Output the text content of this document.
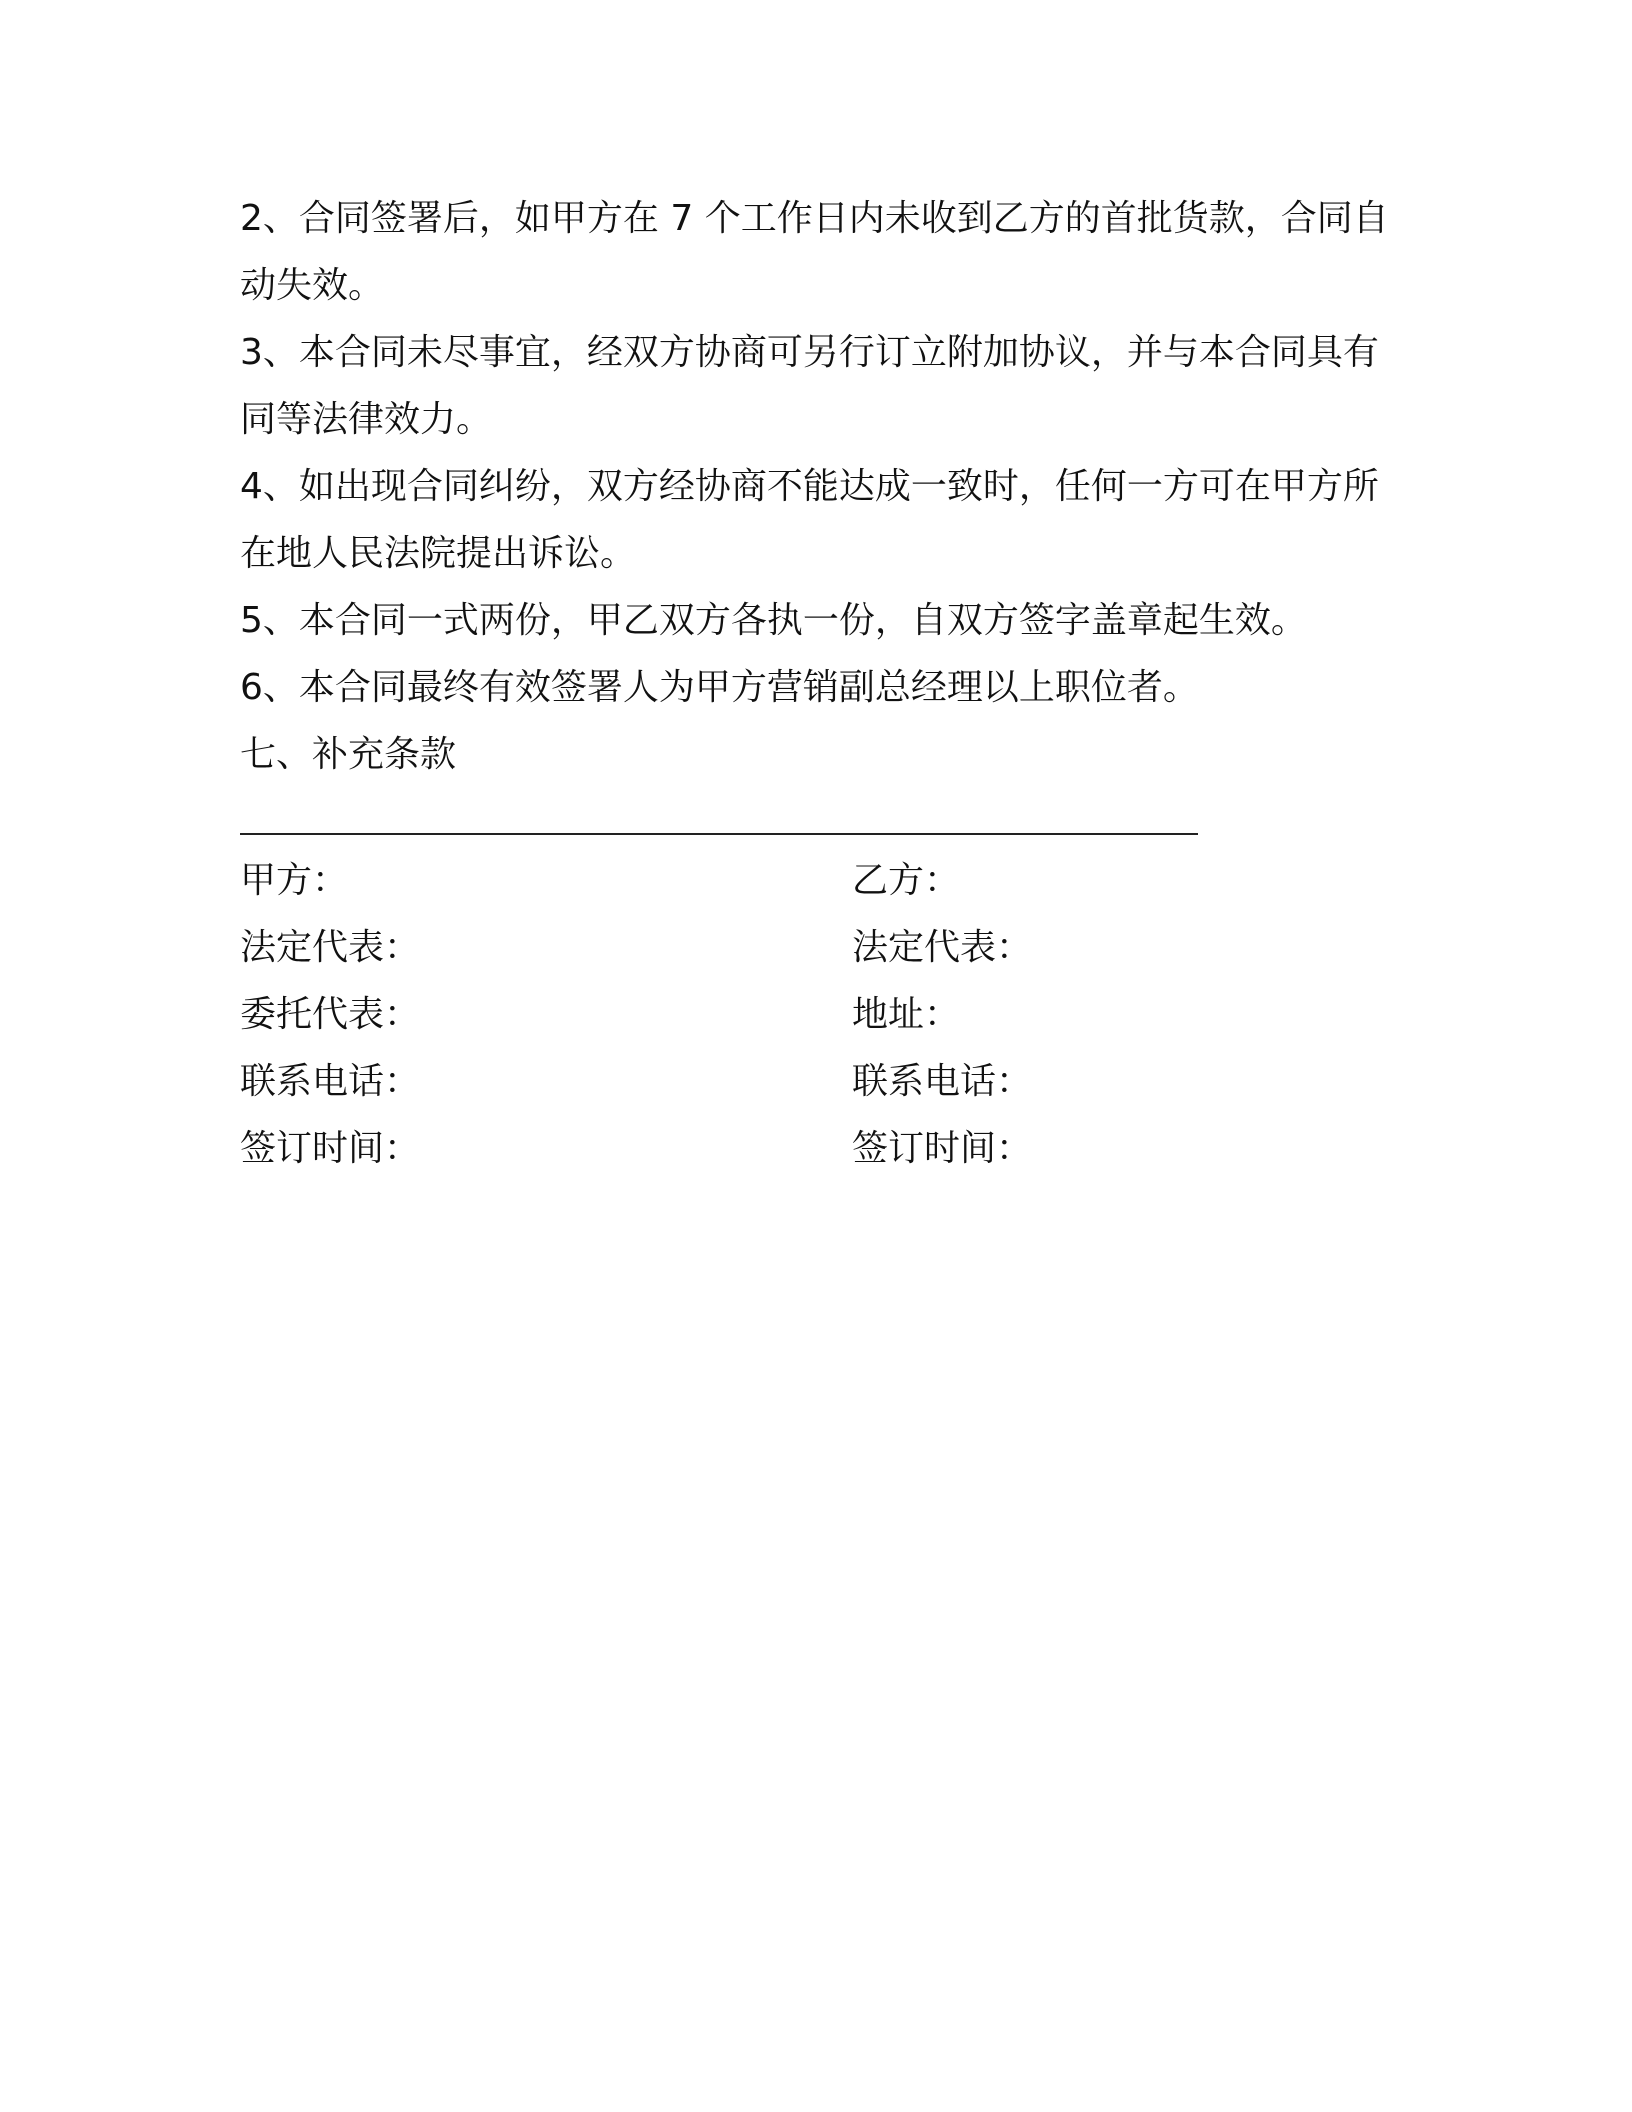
2、合同签署后，如甲方在 7 个工作日内未收到乙方的首批货款，合同自动失效。

3、本合同未尽事宜，经双方协商可另行订立附加协议，并与本合同具有同等法律效力。

4、如出现合同纠纷，双方经协商不能达成一致时，任何一方可在甲方所在地人民法院提出诉讼。

5、本合同一式两份，甲乙双方各执一份，自双方签字盖章起生效。

6、本合同最终有效签署人为甲方营销副总经理以上职位者。

七、补充条款

甲方：	乙方：
法定代表：	法定代表：
委托代表：	地址：
联系电话：	联系电话：
签订时间：	签订时间：
